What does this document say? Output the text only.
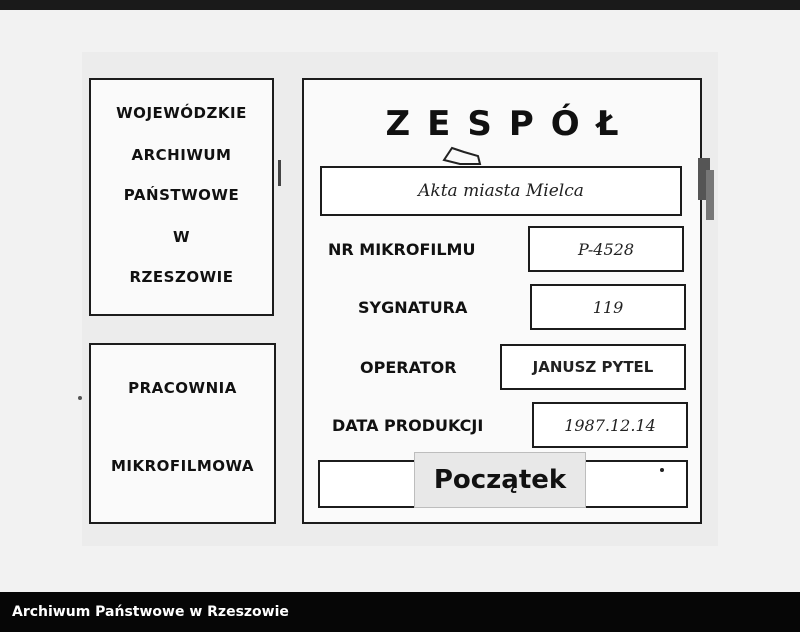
WOJEWÓDZKIE
ARCHIWUM
PAŃSTWOWE
W
RZESZOWIE
PRACOWNIA
MIKROFILMOWA
ZESPÓŁ
Akta miasta Mielca
NR MIKROFILMU	P-4528
SYGNATURA	119
OPERATOR	JANUSZ PYTEL
DATA PRODUKCJI	1987.12.14
Początek
Archiwum Państwowe w Rzeszowie
